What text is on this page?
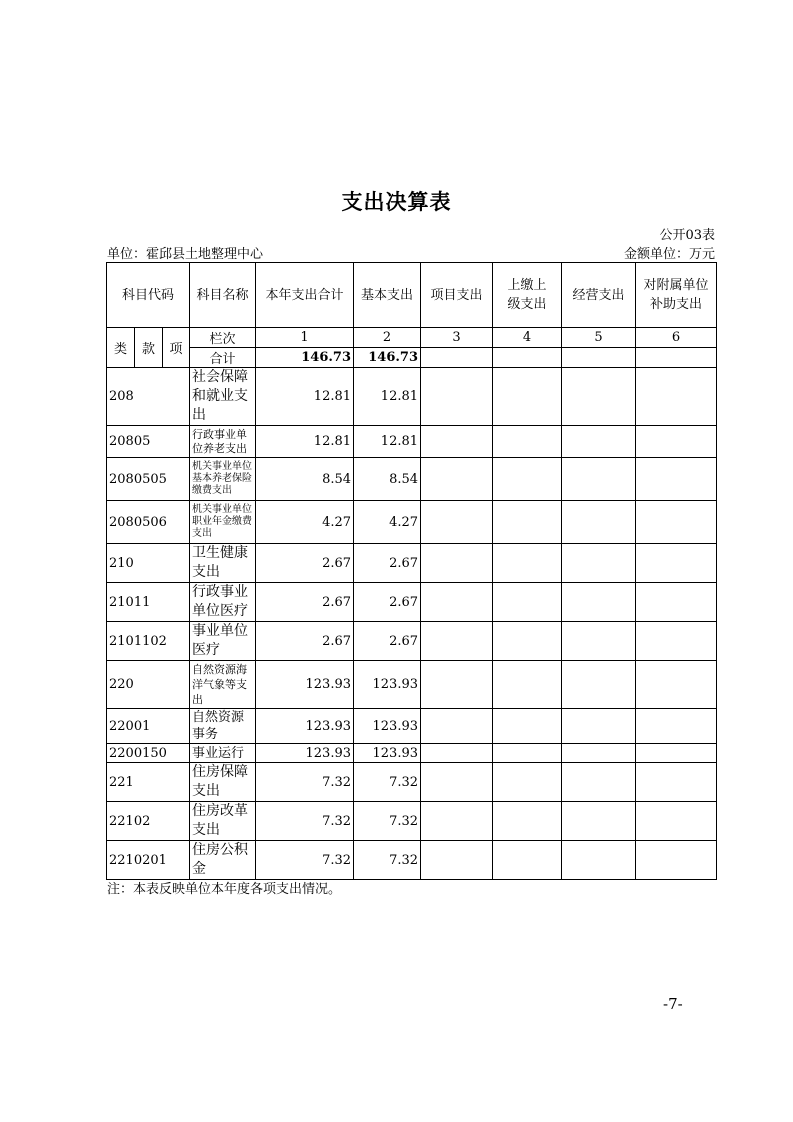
支出决算表
公开03表
单位：霍邱县土地整理中心	金额单位：万元
科目代码			科目名称	本年支出合计	基本支出	项目支出	上缴上级支出	经营支出	对附属单位补助支出
类	款	项	栏次	1	2	3	4	5	6
			合计	146.73	146.73				
208			社会保障和就业支出	12.81	12.81				
20805			行政事业单位养老支出	12.81	12.81				
2080505			机关事业单位基本养老保险缴费支出	8.54	8.54				
2080506			机关事业单位职业年金缴费支出	4.27	4.27				
210			卫生健康支出	2.67	2.67				
21011			行政事业单位医疗	2.67	2.67				
2101102			事业单位医疗	2.67	2.67				
220			自然资源海洋气象等支出	123.93	123.93				
22001			自然资源事务	123.93	123.93				
2200150			事业运行	123.93	123.93				
221			住房保障支出	7.32	7.32				
22102			住房改革支出	7.32	7.32				
2210201			住房公积金	7.32	7.32				
注：本表反映单位本年度各项支出情况。
-7-
